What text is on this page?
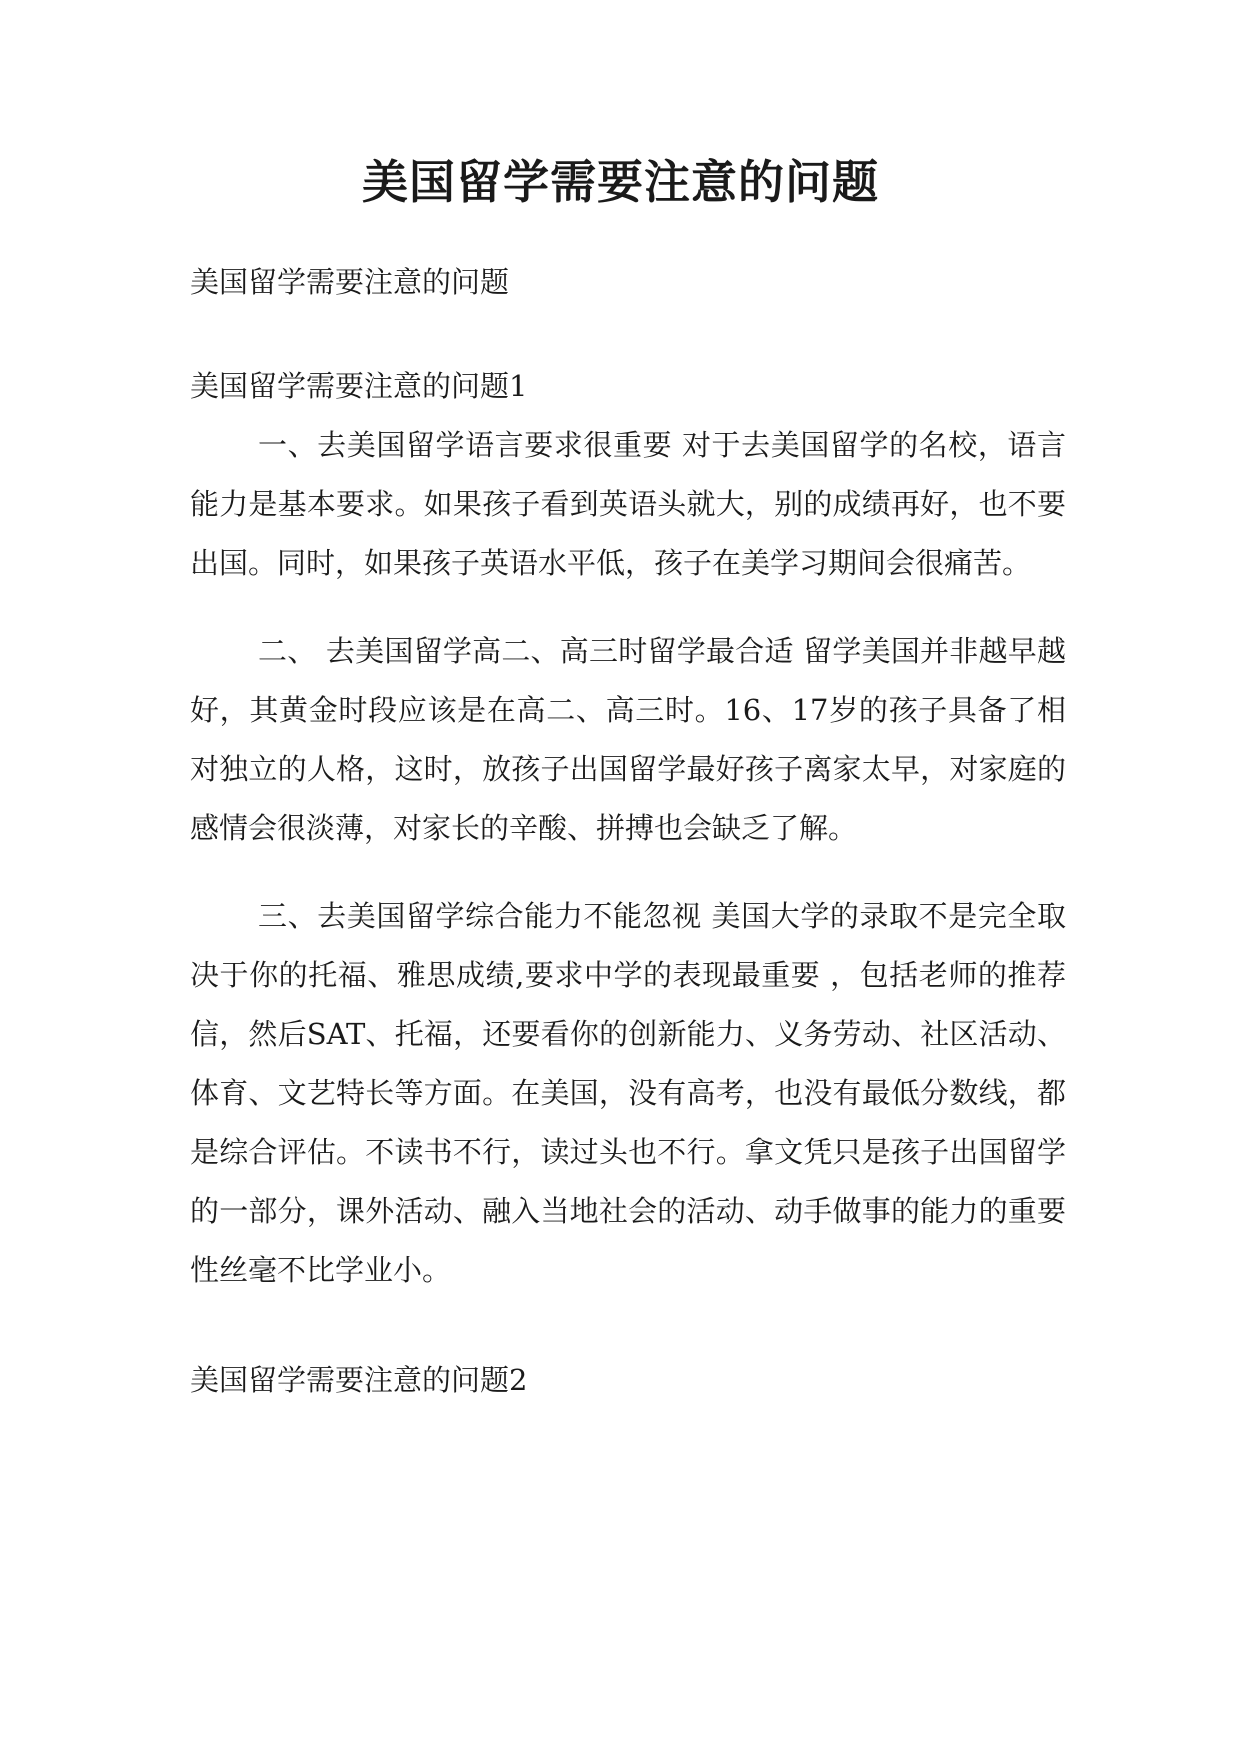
美国留学需要注意的问题

美国留学需要注意的问题

美国留学需要注意的问题1

一、去美国留学语言要求很重要 对于去美国留学的名校，语言能力是基本要求。如果孩子看到英语头就大，别的成绩再好，也不要出国。同时，如果孩子英语水平低，孩子在美学习期间会很痛苦。

二、 去美国留学高二、高三时留学最合适 留学美国并非越早越好，其黄金时段应该是在高二、高三时。16、17岁的孩子具备了相对独立的人格，这时，放孩子出国留学最好孩子离家太早，对家庭的感情会很淡薄，对家长的辛酸、拼搏也会缺乏了解。

三、去美国留学综合能力不能忽视 美国大学的录取不是完全取决于你的托福、雅思成绩,要求中学的表现最重要 ，包括老师的推荐信，然后SAT、托福，还要看你的创新能力、义务劳动、社区活动、体育、文艺特长等方面。在美国，没有高考，也没有最低分数线，都是综合评估。不读书不行，读过头也不行。拿文凭只是孩子出国留学的一部分，课外活动、融入当地社会的活动、动手做事的能力的重要性丝毫不比学业小。

美国留学需要注意的问题2
